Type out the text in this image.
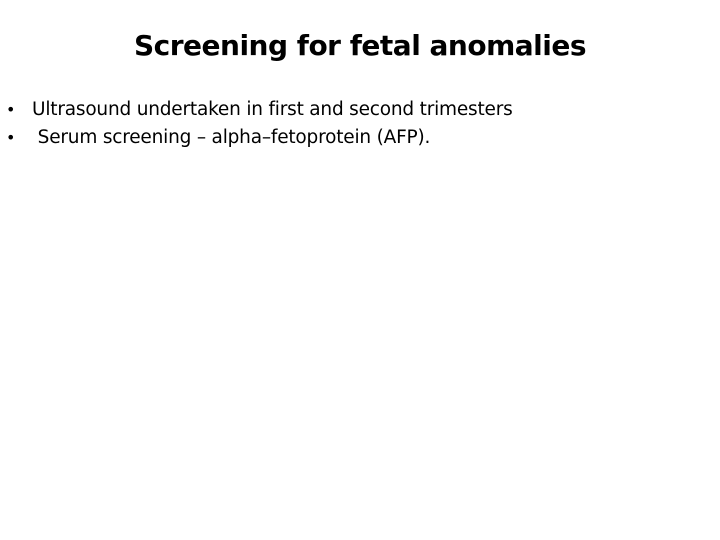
Screening for fetal anomalies
• Ultrasound undertaken in first and second trimesters
• Serum screening – alpha–fetoprotein (AFP).
